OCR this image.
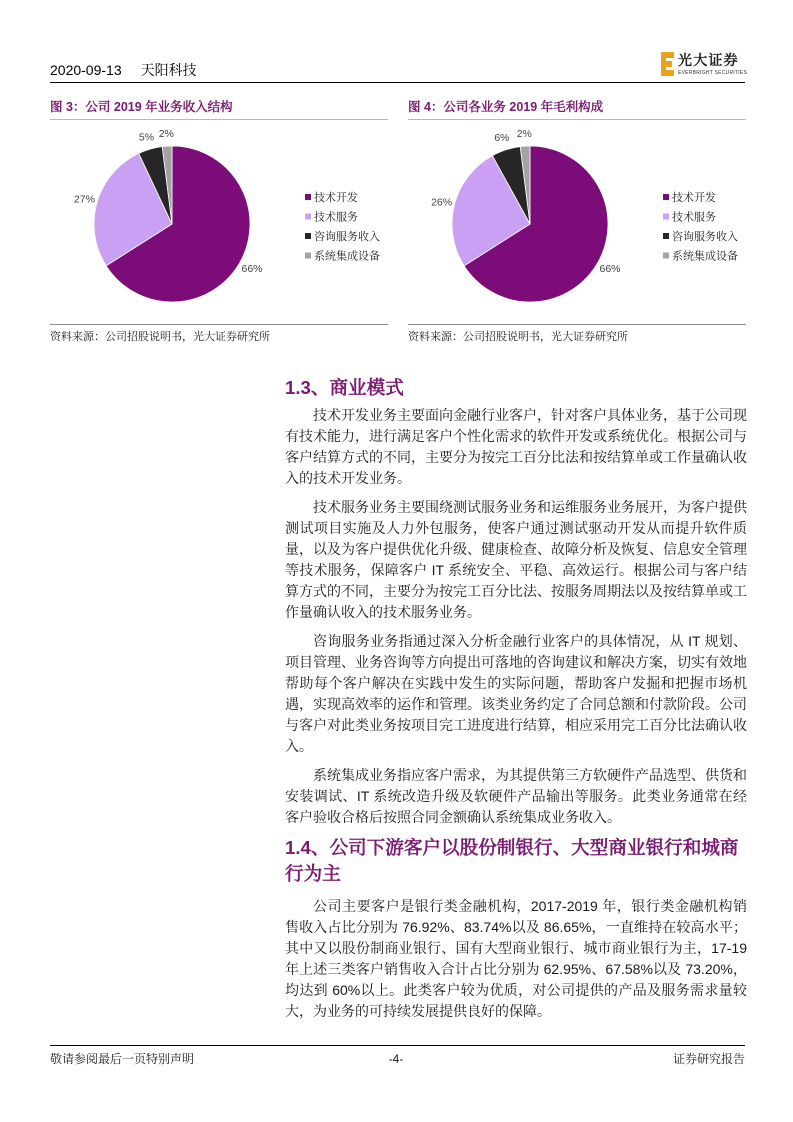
2020-09-13 天阳科技
光大证券
EVERBRIGHT SECURITIES
图 3：公司 2019 年业务收入结构
66%
27%
5% 2%
技术开发
技术服务
咨询服务收入
系统集成设备
资料来源：公司招股说明书，光大证券研究所
图 4：公司各业务 2019 年毛利构成
66%
26%
6% 2%
技术开发
技术服务
咨询服务收入
系统集成设备
资料来源：公司招股说明书，光大证券研究所
1.3、商业模式

技术开发业务主要面向金融行业客户，针对客户具体业务，基于公司现有技术能力，进行满足客户个性化需求的软件开发或系统优化。根据公司与客户结算方式的不同，主要分为按完工百分比法和按结算单或工作量确认收入的技术开发业务。

技术服务业务主要围绕测试服务业务和运维服务业务展开，为客户提供测试项目实施及人力外包服务，使客户通过测试驱动开发从而提升软件质量，以及为客户提供优化升级、健康检查、故障分析及恢复、信息安全管理等技术服务，保障客户 IT 系统安全、平稳、高效运行。根据公司与客户结算方式的不同，主要分为按完工百分比法、按服务周期法以及按结算单或工作量确认收入的技术服务业务。

咨询服务业务指通过深入分析金融行业客户的具体情况，从 IT 规划、项目管理、业务咨询等方向提出可落地的咨询建议和解决方案，切实有效地帮助每个客户解决在实践中发生的实际问题，帮助客户发掘和把握市场机遇，实现高效率的运作和管理。该类业务约定了合同总额和付款阶段。公司与客户对此类业务按项目完工进度进行结算，相应采用完工百分比法确认收入。

系统集成业务指应客户需求，为其提供第三方软硬件产品选型、供货和安装调试、IT 系统改造升级及软硬件产品输出等服务。此类业务通常在经客户验收合格后按照合同金额确认系统集成业务收入。

1.4、公司下游客户以股份制银行、大型商业银行和城商行为主

公司主要客户是银行类金融机构，2017-2019 年，银行类金融机构销售收入占比分别为 76.92%、83.74%以及 86.65%，一直维持在较高水平；其中又以股份制商业银行、国有大型商业银行、城市商业银行为主，17-19 年上述三类客户销售收入合计占比分别为 62.95%、67.58%以及 73.20%，均达到 60%以上。此类客户较为优质，对公司提供的产品及服务需求量较大，为业务的可持续发展提供良好的保障。

敬请参阅最后一页特别声明	-4-	证券研究报告
